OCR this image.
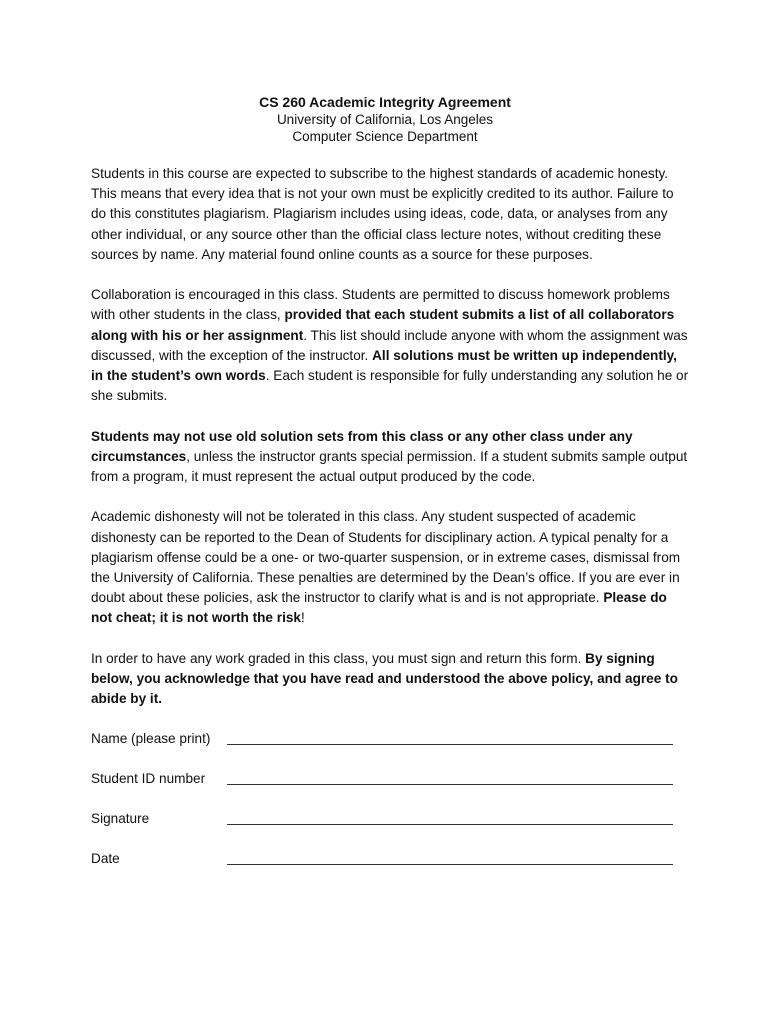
CS 260 Academic Integrity Agreement

University of California, Los Angeles

Computer Science Department

Students in this course are expected to subscribe to the highest standards of academic honesty. This means that every idea that is not your own must be explicitly credited to its author. Failure to do this constitutes plagiarism. Plagiarism includes using ideas, code, data, or analyses from any other individual, or any source other than the official class lecture notes, without crediting these sources by name. Any material found online counts as a source for these purposes.

Collaboration is encouraged in this class. Students are permitted to discuss homework problems with other students in the class, provided that each student submits a list of all collaborators along with his or her assignment. This list should include anyone with whom the assignment was discussed, with the exception of the instructor. All solutions must be written up independently, in the student’s own words. Each student is responsible for fully understanding any solution he or she submits.

Students may not use old solution sets from this class or any other class under any circumstances, unless the instructor grants special permission. If a student submits sample output from a program, it must represent the actual output produced by the code.

Academic dishonesty will not be tolerated in this class. Any student suspected of academic dishonesty can be reported to the Dean of Students for disciplinary action. A typical penalty for a plagiarism offense could be a one- or two-quarter suspension, or in extreme cases, dismissal from the University of California. These penalties are determined by the Dean’s office. If you are ever in doubt about these policies, ask the instructor to clarify what is and is not appropriate. Please do not cheat; it is not worth the risk!

In order to have any work graded in this class, you must sign and return this form. By signing below, you acknowledge that you have read and understood the above policy, and agree to abide by it.

Name (please print)
Student ID number
Signature
Date
